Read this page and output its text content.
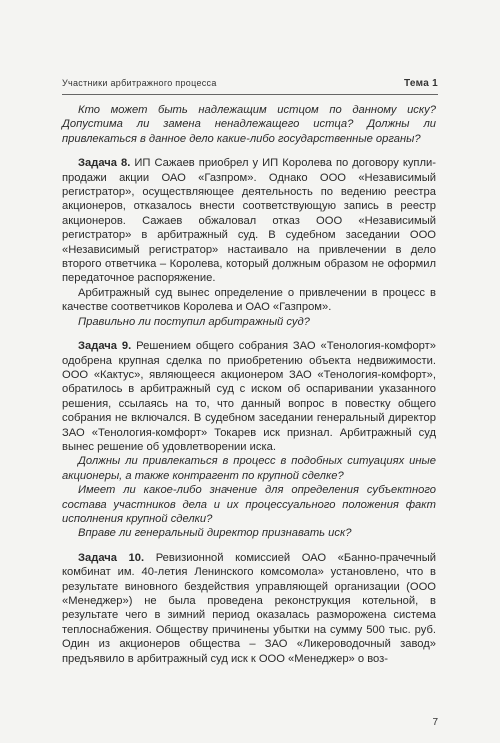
Участники арбитражного процесса	Тема 1

Кто может быть надлежащим истцом по данному иску? Допустима ли замена ненадлежащего истца? Должны ли привлекаться в данное дело какие-либо государственные органы?

Задача 8. ИП Сажаев приобрел у ИП Королева по договору купли-продажи акции ОАО «Газпром». Однако ООО «Независимый регистратор», осуществляющее деятельность по ведению реестра акционеров, отказалось внести соответствующую запись в реестр акционеров. Сажаев обжаловал отказ ООО «Независимый регистратор» в арбитражный суд. В судебном заседании ООО «Независимый регистратор» настаивало на привлечении в дело второго ответчика – Королева, который должным образом не оформил передаточное распоряжение.

Арбитражный суд вынес определение о привлечении в процесс в качестве соответчиков Королева и ОАО «Газпром».

Правильно ли поступил арбитражный суд?

Задача 9. Решением общего собрания ЗАО «Тенология-комфорт» одобрена крупная сделка по приобретению объекта недвижимости. ООО «Кактус», являющееся акционером ЗАО «Тенология-комфорт», обратилось в арбитражный суд с иском об оспаривании указанного решения, ссылаясь на то, что данный вопрос в повестку общего собрания не включался. В судебном заседании генеральный директор ЗАО «Тенология-комфорт» Токарев иск признал. Арбитражный суд вынес решение об удовлетворении иска.

Должны ли привлекаться в процесс в подобных ситуациях иные акционеры, а также контрагент по крупной сделке?

Имеет ли какое-либо значение для определения субъектного состава участников дела и их процессуального положения факт исполнения крупной сделки?

Вправе ли генеральный директор признавать иск?

Задача 10. Ревизионной комиссией ОАО «Банно-прачечный комбинат им. 40-летия Ленинского комсомола» установлено, что в результате виновного бездействия управляющей организации (ООО «Менеджер») не была проведена реконструкция котельной, в результате чего в зимний период оказалась разморожена система теплоснабжения. Обществу причинены убытки на сумму 500 тыс. руб. Один из акционеров общества – ЗАО «Ликероводочный завод» предъявило в арбитражный суд иск к ООО «Менеджер» о воз-

7
